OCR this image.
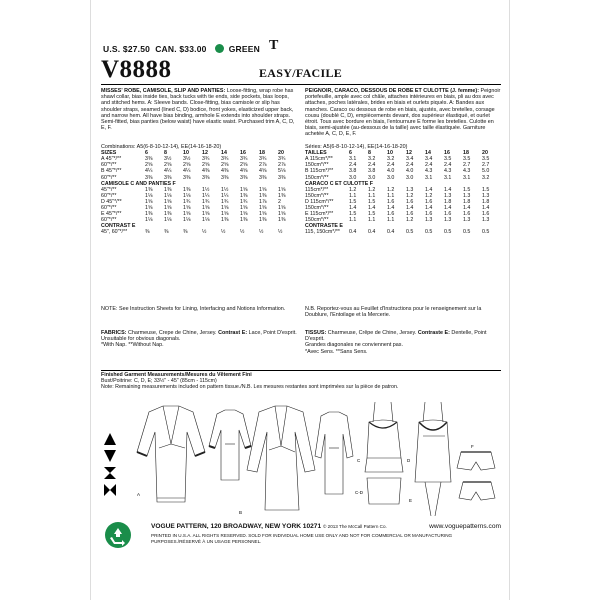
U.S. $27.50 CAN. $33.00	GREEN T
V8888	EASY/FACILE
MISSES' ROBE, CAMISOLE, SLIP AND PANTIES: Loose-fitting, wrap robe has shawl collar, bias inside ties, back tucks with tie ends, side pockets, bias loops, and stitched hems. A: Sleeve bands. Close-fitting, bias camisole or slip has shoulder straps, seamed (lined C, D) bodice, front yokes, elasticized upper back, and narrow hem. All have bias binding, armhole E extends into shoulder straps. Semi-fitted, bias panties (below waist) have elastic waist. Purchased trim A, C, D, E, F.
PEIGNOIR, CARACO, DESSOUS DE ROBE ET CULOTTE (J. femme): Peignoir portefeuille, ample avec col châle, attaches intérieures en biais, pli au dos avec attaches, poches latérales, brides en biais et ourlets piqués. A: Bandes aux manches. Caraco ou dessous de robe en biais, ajustés, avec bretelles, corsage cousu (doublé C, D), empiècements devant, dos supérieur élastiqué, et ourlet étroit. Tous avec bordure en biais, l'entournure E forme les bretelles. Culotte en biais, semi-ajustée (au-dessous de la taille) avec taille élastiquée. Garniture achetée A, C, D, E, F.
Combinations: A5(6-8-10-12-14), EE(14-16-18-20)
SIZES	6	8	10	12	14	16	18	20
A 45"*/**	3⅜	3½	3½	3¾	3¾	3¾	3¾	3¾
60"*/**	2⅝	2⅝	2⅝	2⅝	2⅝	2⅝	2⅞	2⅞
B 45"*/**	4¼	4¼	4¼	4⅜	4⅜	4⅝	4⅝	5⅛
60"*/**	3⅜	3⅜	3⅜	3⅜	3⅜	3⅜	3⅜	3⅜
CAMISOLE C AND PANTIES F								
45"*/**	1⅜	1⅜	1⅜	1½	1½	1⅝	1⅝	1⅝
60"*/**	1⅛	1⅛	1⅛	1¼	1¼	1⅜	1⅜	1⅜
D 45"*/**	1⅝	1⅝	1¾	1¾	1¾	1¾	1⅞	2
60"*/**	1⅝	1⅝	1⅝	1⅝	1⅝	1⅝	1⅝	1⅝
E 45"*/**	1⅜	1⅜	1⅝	1⅝	1⅝	1⅝	1⅝	1⅝
60"*/**	1⅛	1⅛	1⅛	1⅛	1⅜	1⅜	1⅜	1⅜
CONTRAST E								
45", 60"*/**	⅜	⅜	⅜	½	½	½	½	½
Séries: A5(6-8-10-12-14), EE(14-16-18-20)
TAILLES	6	8	10	12	14	16	18	20
A 115cm*/**	3.1	3.2	3.2	3.4	3.4	3.5	3.5	3.5
150cm*/**	2.4	2.4	2.4	2.4	2.4	2.4	2.7	2.7
B 115cm*/**	3.8	3.8	4.0	4.0	4.3	4.3	4.3	5.0
150cm*/**	3.0	3.0	3.0	3.0	3.1	3.1	3.1	3.2
CARACO C ET CULOTTE F								
115cm*/**	1.2	1.2	1.2	1.3	1.4	1.4	1.5	1.5
150cm*/**	1.1	1.1	1.1	1.2	1.2	1.3	1.3	1.3
D 115cm*/**	1.5	1.5	1.6	1.6	1.6	1.8	1.8	1.8
150cm*/**	1.4	1.4	1.4	1.4	1.4	1.4	1.4	1.4
E 115cm*/**	1.5	1.5	1.6	1.6	1.6	1.6	1.6	1.6
150cm*/**	1.1	1.1	1.1	1.2	1.3	1.3	1.3	1.3
CONTRASTE E								
115, 150cm*/**	0.4	0.4	0.4	0.5	0.5	0.5	0.5	0.5
NOTE: See Instruction Sheets for Lining, Interfacing and Notions Information.	N.B. Reportez-vous au Feuillet d'Instructions pour le renseignement sur la Doublure, l'Entoilage et la Mercerie.
FABRICS: Charmeuse, Crepe de Chine, Jersey. Contrast E: Lace, Point D'esprit.
Unsuitable for obvious diagonals.
*With Nap. **Without Nap.
TISSUS: Charmeuse, Crêpe de Chine, Jersey. Contraste E: Dentelle, Point D'esprit.
Grandes diagonales ne conviennent pas.
*Avec Sens. **Sans Sens.
Finished Garment Measurements/Mesures du Vêtement Fini
Bust/Poitrine: C, D, E; 33½" - 45" (85cm - 115cm)
Note: Remaining measurements included on pattern tissue./N.B. Les mesures restantes sont imprimées sur la pièce de patron.
A
B
C
C-D
D
E
F
VOGUE PATTERN, 120 BROADWAY, NEW YORK 10271 © 2013 The McCall Pattern Co.	www.voguepatterns.com
PRINTED IN U.S.A. ALL RIGHTS RESERVED. SOLD FOR INDIVIDUAL HOME USE ONLY AND NOT FOR COMMERCIAL OR MANUFACTURING PURPOSES./RÉSERVÉ À UN USAGE PERSONNEL.
